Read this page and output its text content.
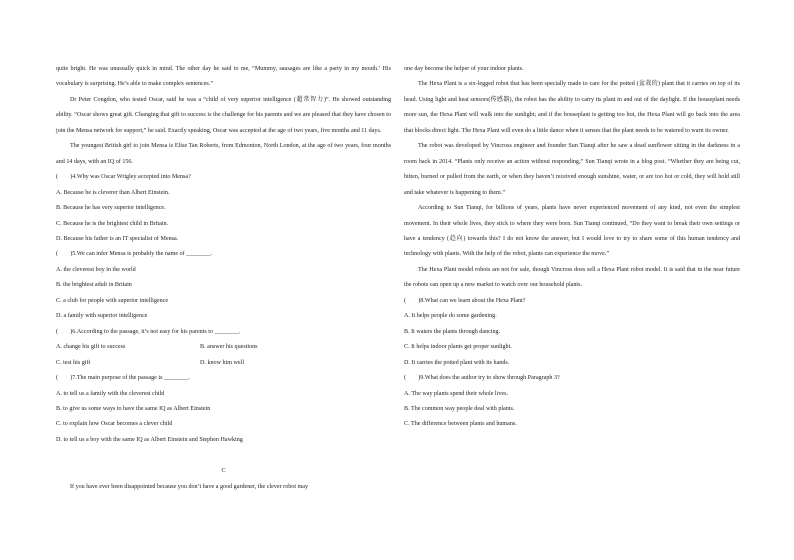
quite bright. He was unusually quick in mind. The other day he said to me, “Mummy, sausages are like a party in my mouth.’ His vocabulary is surprising. He’s able to make complex sentences.”

Dr Peter Congdon, who tested Oscar, said he was a “child of very superior intelligence (超常智力)”. He showed outstanding ability. “Oscar shows great gift. Changing that gift to success is the challenge for his parents and we are pleased that they have chosen to join the Mensa network for support,” he said. Exactly speaking, Oscar was accepted at the age of two years, five months and 11 days.

The youngest British girl to join Mensa is Elise Tan Roberts, from Edmonton, North London, at the age of two years, four months and 14 days, with an IQ of 156.

(　　)4.Why was Oscar Wrigley accepted into Mensa?

A. Because he is cleverer than Albert Einstein.

B. Because he has very superior intelligence.

C. Because he is the brightest child in Britain.

D. Because his father is an IT specialist of Mensa.

(　　)5.We can infer Mensa is probably the name of ________.

A. the cleverest boy in the world

B. the brightest adult in Britain

C. a club for people with superior intelligence

D. a family with superior intelligence

(　　)6.According to the passage, it’s not easy for his parents to ________.

A. change his gift to success	B. answer his questions
C. test his gift	D. know him well

(　　)7.The main purpose of the passage is ________.

A. to tell us a family with the cleverest child

B. to give us some ways to have the same IQ as Albert Einstein

C. to explain how Oscar becomes a clever child

D. to tell us a boy with the same IQ as Albert Einstein and Stephen Hawking

C

If you have ever been disappointed because you don’t have a good gardener, the clever robot may

one day become the helper of your indoor plants.

The Hexa Plant is a six-legged robot that has been specially made to care for the potted (盆栽的) plant that it carries on top of its head. Using light and heat sensors(传感器), the robot has the ability to carry its plant in and out of the daylight. If the houseplant needs more sun, the Hexa Plant will walk into the sunlight; and if the houseplant is getting too hot, the Hexa Plant will go back into the area that blocks direct light. The Hexa Plant will even do a little dance when it senses that the plant needs to be watered to warn its owner.

The robot was developed by Vincross engineer and founder Sun Tianqi after he saw a dead sunflower sitting in the darkness in a room back in 2014. “Plants only receive an action without responding,” Sun Tianqi wrote in a blog post. “Whether they are being cut, bitten, burned or pulled from the earth, or when they haven’t received enough sunshine, water, or are too hot or cold, they will hold still and take whatever is happening to them.”

According to Sun Tianqi, for billions of years, plants have never experienced movement of any kind, not even the simplest movement. In their whole lives, they stick to where they were born. Sun Tianqi continued, “Do they want to break their own settings or have a tendency (趋向) towards this? I do not know the answer, but I would love to try to share some of this human tendency and technology with plants. With the help of the robot, plants can experience the move.”

The Hexa Plant model robots are not for sale, though Vincross does sell a Hexa Plant robot model. It is said that in the near future the robots can open up a new market to watch over our household plants.

(　　)8.What can we learn about the Hexa Plant?

A. It helps people do some gardening.

B. It waters the plants through dancing.

C. It helps indoor plants get proper sunlight.

D. It carries the potted plant with its hands.

(　　)9.What does the author try to show through Paragraph 3?

A. The way plants spend their whole lives.

B. The common way people deal with plants.

C. The difference between plants and humans.
